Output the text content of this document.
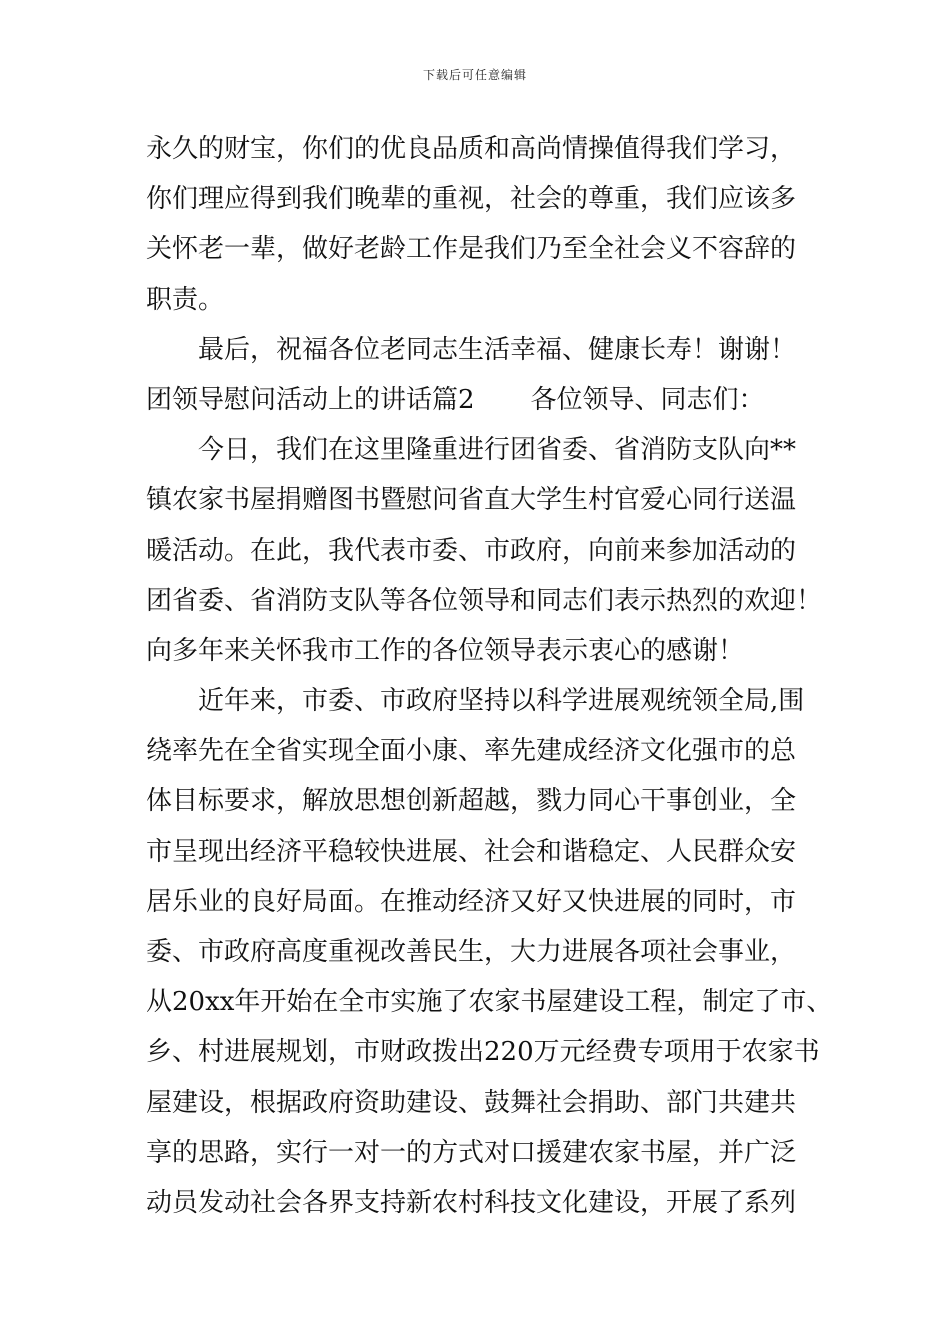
下载后可任意编辑
永久的财宝，你们的优良品质和高尚情操值得我们学习，
你们理应得到我们晚辈的重视，社会的尊重，我们应该多
关怀老一辈，做好老龄工作是我们乃至全社会义不容辞的
职责。
最后，祝福各位老同志生活幸福、健康长寿！谢谢！
团领导慰问活动上的讲话篇2 各位领导、同志们：
今日，我们在这里隆重进行团省委、省消防支队向**
镇农家书屋捐赠图书暨慰问省直大学生村官爱心同行送温
暖活动。在此，我代表市委、市政府，向前来参加活动的
团省委、省消防支队等各位领导和同志们表示热烈的欢迎！
向多年来关怀我市工作的各位领导表示衷心的感谢！
近年来，市委、市政府坚持以科学进展观统领全局,围
绕率先在全省实现全面小康、率先建成经济文化强市的总
体目标要求，解放思想创新超越，戮力同心干事创业，全
市呈现出经济平稳较快进展、社会和谐稳定、人民群众安
居乐业的良好局面。在推动经济又好又快进展的同时，市
委、市政府高度重视改善民生，大力进展各项社会事业，
从20xx年开始在全市实施了农家书屋建设工程，制定了市、
乡、村进展规划，市财政拨出220万元经费专项用于农家书
屋建设，根据政府资助建设、鼓舞社会捐助、部门共建共
享的思路，实行一对一的方式对口援建农家书屋，并广泛
动员发动社会各界支持新农村科技文化建设，开展了系列
